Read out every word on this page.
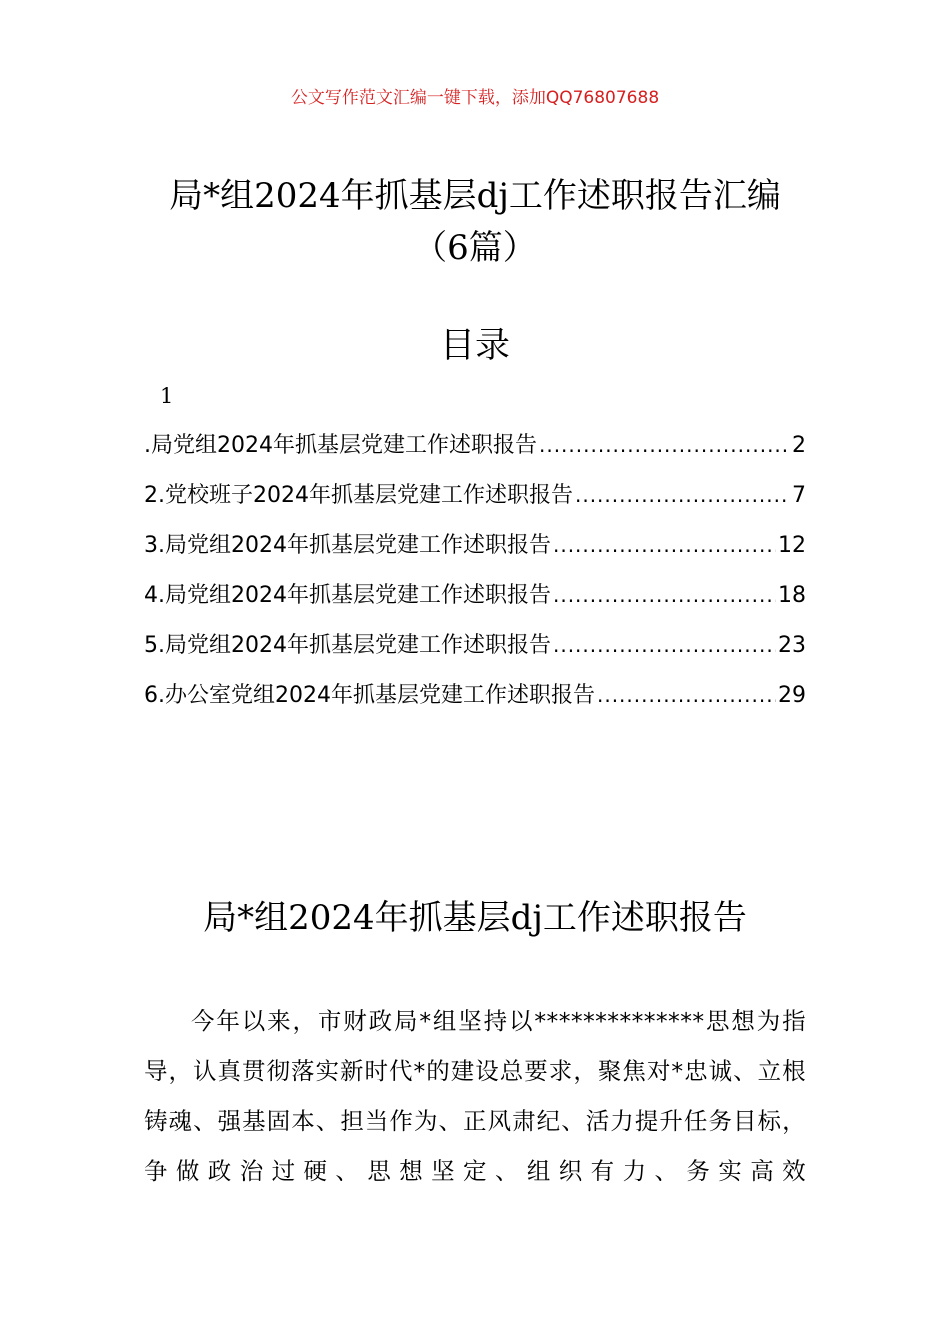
公文写作范文汇编一键下载，添加QQ76807688
局*组2024年抓基层dj工作述职报告汇编
（6篇）
目录
1
.局党组2024年抓基层党建工作述职报告 .....	2
2.党校班子2024年抓基层党建工作述职报告 .....	7
3.局党组2024年抓基层党建工作述职报告 .....	12
4.局党组2024年抓基层党建工作述职报告 .....	18
5.局党组2024年抓基层党建工作述职报告 .....	23
6.办公室党组2024年抓基层党建工作述职报告 .....	29
局*组2024年抓基层dj工作述职报告

今年以来，市财政局*组坚持以**************思想为指导，认真贯彻落实新时代*的建设总要求，聚焦对*忠诚、立根铸魂、强基固本、担当作为、正风肃纪、活力提升任务目标，争做政治过硬、思想坚定、组织有力、务实高效
